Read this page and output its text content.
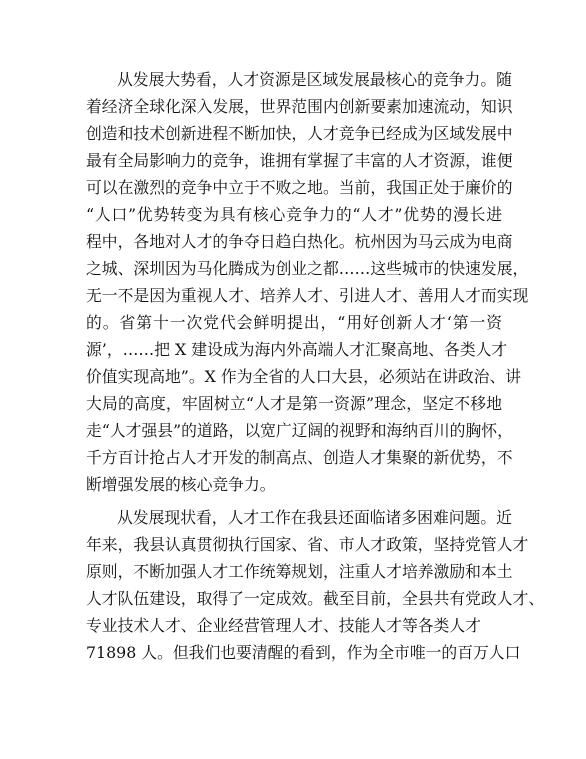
从发展大势看，人才资源是区域发展最核心的竞争力。随
着经济全球化深入发展，世界范围内创新要素加速流动，知识
创造和技术创新进程不断加快，人才竞争已经成为区域发展中
最有全局影响力的竞争，谁拥有掌握了丰富的人才资源，谁便
可以在激烈的竞争中立于不败之地。当前，我国正处于廉价的
“人口”优势转变为具有核心竞争力的“人才”优势的漫长进
程中，各地对人才的争夺日趋白热化。杭州因为马云成为电商
之城、深圳因为马化腾成为创业之都……这些城市的快速发展，
无一不是因为重视人才、培养人才、引进人才、善用人才而实现
的。省第十一次党代会鲜明提出，“用好创新人才‘第一资
源’，……把 X 建设成为海内外高端人才汇聚高地、各类人才
价值实现高地”。X 作为全省的人口大县，必须站在讲政治、讲
大局的高度，牢固树立“人才是第一资源”理念，坚定不移地
走“人才强县”的道路，以宽广辽阔的视野和海纳百川的胸怀，
千方百计抢占人才开发的制高点、创造人才集聚的新优势，不
断增强发展的核心竞争力。
从发展现状看，人才工作在我县还面临诸多困难问题。近
年来，我县认真贯彻执行国家、省、市人才政策，坚持党管人才
原则，不断加强人才工作统筹规划，注重人才培养激励和本土
人才队伍建设，取得了一定成效。截至目前，全县共有党政人才、
专业技术人才、企业经营管理人才、技能人才等各类人才
71898 人。但我们也要清醒的看到，作为全市唯一的百万人口
